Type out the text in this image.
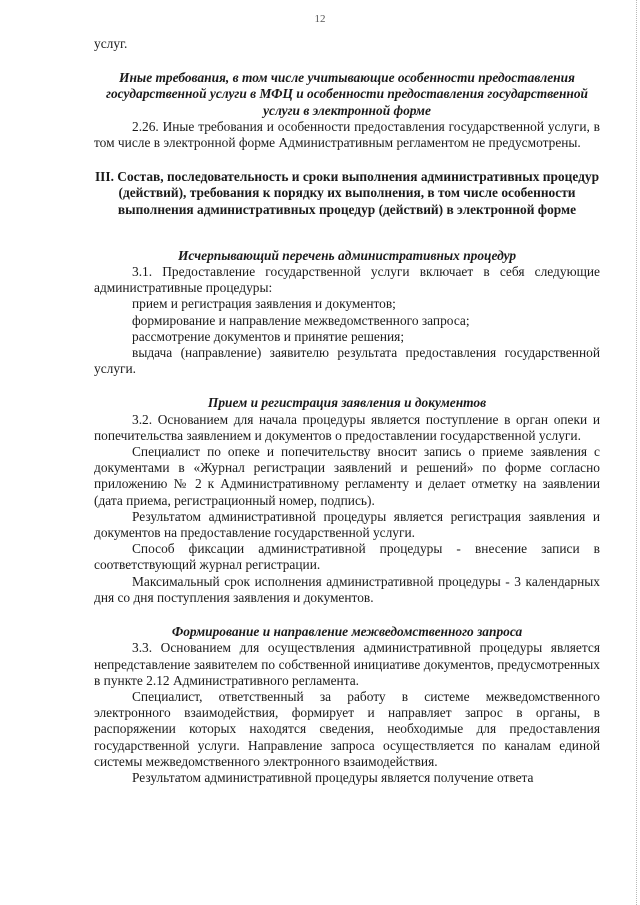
12

услуг.

Иные требования, в том числе учитывающие особенности предоставления государственной услуги в МФЦ и особенности предоставления государственной услуги в электронной форме

2.26. Иные требования и особенности предоставления государственной услуги, в том числе в электронной форме Административным регламентом не предусмотрены.

III. Состав, последовательность и сроки выполнения административных процедур (действий), требования к порядку их выполнения, в том числе особенности выполнения административных процедур (действий) в электронной форме

Исчерпывающий перечень административных процедур

3.1. Предоставление государственной услуги включает в себя следующие административные процедуры:

прием и регистрация заявления и документов;

формирование и направление межведомственного запроса;

рассмотрение документов и принятие решения;

выдача (направление) заявителю результата предоставления государственной услуги.

Прием и регистрация заявления и документов

3.2. Основанием для начала процедуры является поступление в орган опеки и попечительства заявлением и документов о предоставлении государственной услуги.

Специалист по опеке и попечительству вносит запись о приеме заявления с документами в «Журнал регистрации заявлений и решений» по форме согласно приложению № 2 к Административному регламенту и делает отметку на заявлении (дата приема, регистрационный номер, подпись).

Результатом административной процедуры является регистрация заявления и документов на предоставление государственной услуги.

Способ фиксации административной процедуры - внесение записи в соответствующий журнал регистрации.

Максимальный срок исполнения административной процедуры - 3 календарных дня со дня поступления заявления и документов.

Формирование и направление межведомственного запроса

3.3. Основанием для осуществления административной процедуры является непредставление заявителем по собственной инициативе документов, предусмотренных в пункте 2.12 Административного регламента.

Специалист, ответственный за работу в системе межведомственного электронного взаимодействия, формирует и направляет запрос в органы, в распоряжении которых находятся сведения, необходимые для предоставления государственной услуги. Направление запроса осуществляется по каналам единой системы межведомственного электронного взаимодействия.

Результатом административной процедуры является получение ответа
